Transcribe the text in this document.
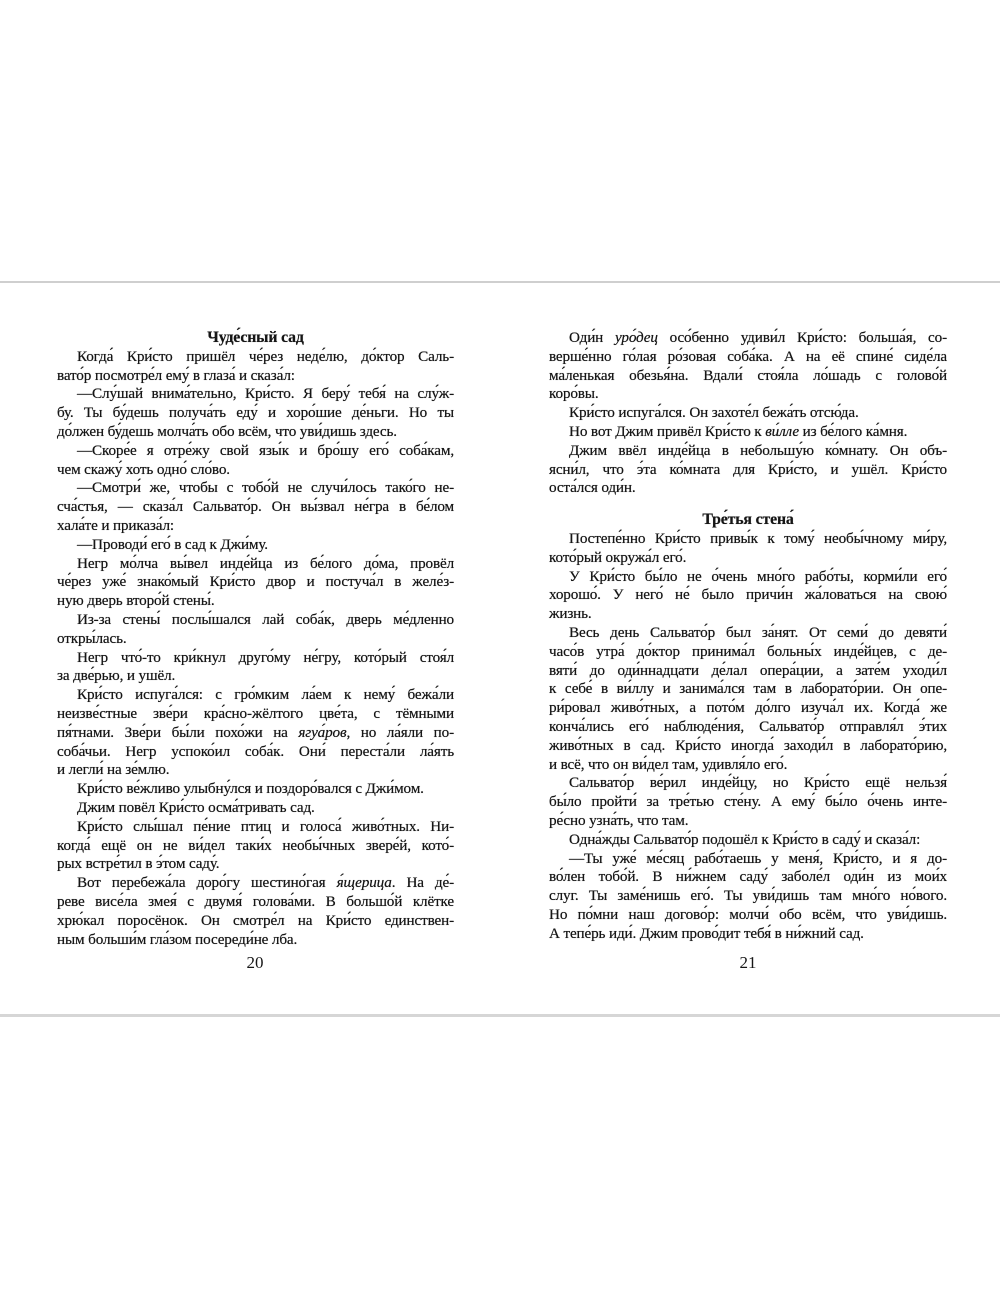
Чуде́сный сад
Когда́ Кри́сто пришёл че́рез неде́лю, до́ктор Саль-
вато́р посмотре́л ему́ в глаза́ и сказа́л:
—Слу́шай внима́тельно, Кри́сто. Я беру́ тебя́ на слу́ж-
бу. Ты бу́дешь получа́ть еду́ и хоро́шие де́ньги. Но ты
до́лжен бу́дешь молча́ть обо всём, что уви́дишь здесь.
—Скоре́е я отре́жу свой язы́к и бро́шу его́ соба́кам,
чем скажу́ хоть одно́ сло́во.
—Смотри́ же, чтобы с тобо́й не случи́лось тако́го не-
сча́стья, — сказа́л Сальвато́р. Он вы́звал не́гра в бе́лом
хала́те и приказа́л:
—Проводи́ его́ в сад к Джи́му.
Негр мо́лча вы́вел инде́йца из бе́лого до́ма, провёл
че́рез уже́ знако́мый Кри́сто двор и постуча́л в желе́з-
ную дверь второ́й стены́.
Из-за стены́ послы́шался лай соба́к, дверь ме́дленно
откры́лась.
Негр что́-то кри́кнул друго́му не́гру, кото́рый стоя́л
за две́рью, и ушёл.
Кри́сто испуга́лся: с гро́мким ла́ем к нему́ бежа́ли
неизве́стные зве́ри кра́сно-жёлтого цве́та, с тёмными
пя́тнами. Зве́ри бы́ли похо́жи на ягуа́ров, но ла́яли по-
соба́чьи. Негр успоко́ил соба́к. Они́ переста́ли ла́ять
и легли́ на зе́млю.
Кри́сто ве́жливо улыбну́лся и поздоро́вался с Джи́мом.
Джим повёл Кри́сто осма́тривать сад.
Кри́сто слы́шал пе́ние птиц и голоса́ живо́тных. Ни-
когда́ ещё он не ви́дел таки́х необы́чных звере́й, кото́-
рых встре́тил в э́том саду́.
Вот перебежа́ла доро́гу шестино́гая я́щерица. На де́-
реве висе́ла змея́ с двумя́ голова́ми. В большо́й клётке
хрю́кал поросёнок. Он смотре́л на Кри́сто единствен-
ным больши́м гла́зом посереди́не лба.
Оди́н уро́дец осо́бенно удиви́л Кри́сто: больша́я, со-
верше́нно го́лая ро́зовая соба́ка. А на её спине́ сиде́ла
ма́ленькая обезья́на. Вдали́ стоя́ла ло́шадь с голово́й
коро́вы.
Кри́сто испуга́лся. Он захоте́л бежа́ть отсю́да.
Но вот Джим привёл Кри́сто к ви́лле из бе́лого ка́мня.
Джим ввёл инде́йца в небольшу́ю ко́мнату. Он объ-
ясни́л, что э́та ко́мната для Кри́сто, и ушёл. Кри́сто
оста́лся оди́н.
Тре́тья стена́
Постепе́нно Кри́сто привы́к к тому́ необы́чному ми́ру,
кото́рый окружа́л его́.
У Кри́сто бы́ло не о́чень мно́го рабо́ты, корми́ли его́
хорошо́. У него́ не́ было причи́н жа́ловаться на свою́
жизнь.
Весь день Сальвато́р был за́нят. От семи́ до девяти́
часо́в утра́ до́ктор принима́л больны́х инде́йцев, с де-
вяти́ до оди́ннадцати де́лал опера́ции, а зате́м уходи́л
к себе́ в ви́ллу и занима́лся там в лаборато́рии. Он опе-
ри́ровал живо́тных, а пото́м до́лго изуча́л их. Когда́ же
конча́лись его́ наблюде́ния, Сальвато́р отправля́л э́тих
живо́тных в сад. Кри́сто иногда́ заходи́л в лаборато́рию,
и всё, что он ви́дел там, удивля́ло его́.
Сальвато́р ве́рил инде́йцу, но Кри́сто ещё нельзя́
бы́ло пройти́ за тре́тью сте́ну. А ему́ бы́ло о́чень инте-
ре́сно узна́ть, что там.
Одна́жды Сальвато́р подошёл к Кри́сто в саду́ и сказа́л:
—Ты уже́ ме́сяц рабо́таешь у меня́, Кри́сто, и я до-
во́лен тобо́й. В ни́жнем саду́ заболе́л оди́н из мои́х
слуг. Ты заме́нишь его́. Ты уви́дишь там мно́го но́вого.
Но по́мни наш догово́р: молчи́ обо всём, что уви́дишь.
А тепе́рь иди́. Джим прово́дит тебя́ в ни́жний сад.
20	21
